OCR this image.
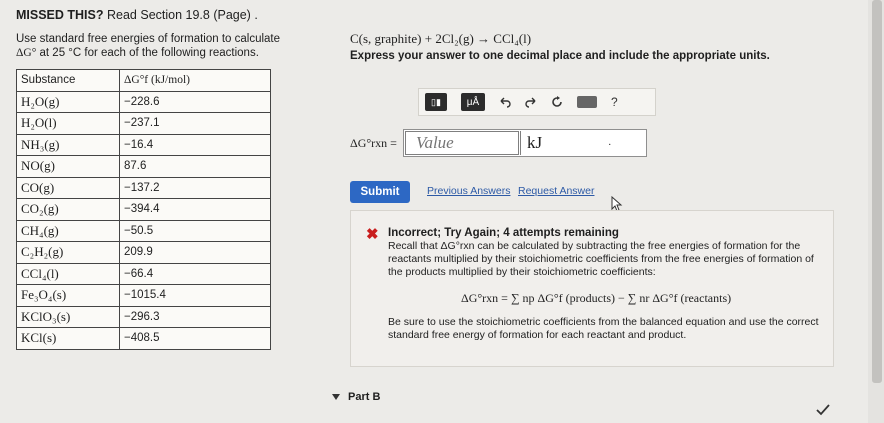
MISSED THIS? Read Section 19.8 (Page) .
Use standard free energies of formation to calculate
ΔG° at 25 °C for each of the following reactions.
Substance	ΔG°f (kJ/mol)
H₂O(g)	−228.6
H₂O(l)	−237.1
NH₃(g)	−16.4
NO(g)	87.6
CO(g)	−137.2
CO₂(g)	−394.4
CH₄(g)	−50.5
C₂H₂(g)	209.9
CCl₄(l)	−66.4
Fe₃O₄(s)	−1015.4
KClO₃(s)	−296.3
KCl(s)	−408.5
C(s, graphite) + 2Cl₂(g) → CCl₄(l)
Express your answer to one decimal place and include the appropriate units.
▯▮	μÅ	?
ΔG°rxn =
Value	kJ	.
Submit	Previous Answers Request Answer
✖ Incorrect; Try Again; 4 attempts remaining
Recall that ΔG°rxn can be calculated by subtracting the free energies of formation for the reactants multiplied by their stoichiometric coefficients from the free energies of formation of the products multiplied by their stoichiometric coefficients:
ΔG°rxn = ∑ np ΔG°f (products) − ∑ nr ΔG°f (reactants)
Be sure to use the stoichiometric coefficients from the balanced equation and use the correct standard free energy of formation for each reactant and product.
Part B
